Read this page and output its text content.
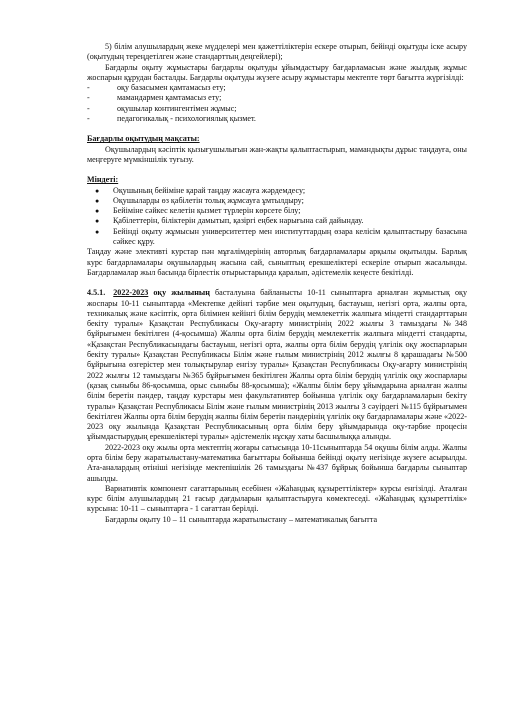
5) білім алушылардың жеке мүдделері мен қажеттіліктерін ескере отырып, бейінді оқытуды іске асыру (оқытудың тереңдетілген және стандарттың деңгейлері);

Бағдарлы оқыту жұмыстары бағдарлы оқытуды ұйымдастыру бағдарламасын және жылдық жұмыс жоспарын құрудан басталды. Бағдарлы оқытуды жүзеге асыру жұмыстары мектепте төрт бағытта жүргізілді:

-	оқу базасымен қамтамасыз ету;
-	мамандармен қамтамасыз ету;
-	оқушылар контингентімен жұмыс;
-	педагогикалық - психологиялық қызмет.

Бағдарлы оқытудың мақсаты:

Оқушылардың кәсіптік қызығушылығын жан-жақты қалыптастырып, мамандықты дұрыс таңдауға, оны меңгеруге мүмкіншілік туғызу.

Міндеті:

●	Оқушының бейіміне қарай таңдау жасауға жәрдемдесу;
●	Оқушыларды өз қабілетін толық жұмсауға ұмтылдыру;
●	Бейіміне сәйкес келетін қызмет түрлерін көрсете білу;
●	Қабілеттерін, біліктерін дамытып, қазіргі еңбек нарығына сай дайындау.
●	Бейінді оқыту жұмысын университеттер мен институттардың өзара келісім қалыптастыру базасына сәйкес құру.

Таңдау және элективті курстар пән мұғалімдерінің авторлық бағдарламалары арқылы оқытылды. Барлық курс бағдарламалары оқушылардың жасына сай, сыныптың ерекшеліктері ескеріле отырып жасалынды. Бағдарламалар жыл басында бірлестік отырыстарында қаралып, әдістемелік кеңесте бекітілді.

4.5.1. 2022-2023 оқу жылының басталуына байланысты 10-11 сыныптарға арналған жұмыстық оқу жоспары 10-11 сыныптарда «Мектепке дейінгі тәрбие мен оқытудың, бастауыш, негізгі орта, жалпы орта, техникалық және кәсіптік, орта білімнен кейінгі білім берудің мемлекеттік жалпыға міндетті стандарттарын бекіту туралы» Қазақстан Республикасы Оқу-ағарту министрінің 2022 жылғы 3 тамыздағы №348 бұйрығымен бекітілген (4-қосымша) Жалпы орта білім берудің мемлекеттік жалпыға міндетті стандарты, «Қазақстан Республикасындағы бастауыш, негізгі орта, жалпы орта білім берудің үлгілік оқу жоспарларын бекіту туралы» Қазақстан Республикасы Білім және ғылым министрінің 2012 жылғы 8 қарашадағы №500 бұйрығына өзгерістер мен толықтырулар енгізу туралы» Қазақстан Республикасы Оқу-ағарту министрінің 2022 жылғы 12 тамыздағы №365 бұйрығымен бекітілген Жалпы орта білім берудің үлгілік оқу жоспарлары (қазақ сыныбы 86-қосымша, орыс сыныбы 88-қосымша); «Жалпы білім беру ұйымдарына арналған жалпы білім беретін пәндер, таңдау курстары мен факультативтер бойынша үлгілік оқу бағдарламаларын бекіту туралы» Қазақстан Республикасы Білім және ғылым министрінің 2013 жылғы 3 сәуірдегі №115 бұйрығымен бекітілген Жалпы орта білім берудің жалпы білім беретін пәндерінің үлгілік оқу бағдарламалары және «2022-2023 оқу жылында Қазақстан Республикасының орта білім беру ұйымдарында оқу-тәрбие процесін ұйымдастырудың ерекшеліктері туралы» әдістемелік нұсқау хаты басшылыққа алынды.

2022-2023 оқу жылы орта мектептің жоғары сатысында 10-11сыныптарда 54 оқушы білім алды. Жалпы орта білім беру жаратылыстану-математика бағыттары бойынша бейінді оқыту негізінде жүзеге асырылды. Ата-аналардың өтініші негізінде мектепішілік 26 тамыздағы №437 бұйрық бойынша бағдарлы сыныптар ашылды.

Вариативтік компонент сағаттарының есебінен «Жаһандық құзыреттіліктер» курсы енгізілді. Аталған курс білім алушылардың 21 ғасыр дағдыларын қалыптастыруға көмектеседі. «Жаһандық құзыреттілік» курсына: 10-11 – сыныптарға - 1 сағаттан берілді.

Бағдарлы оқыту 10 – 11 сыныптарда жаратылыстану – математикалық бағытта
